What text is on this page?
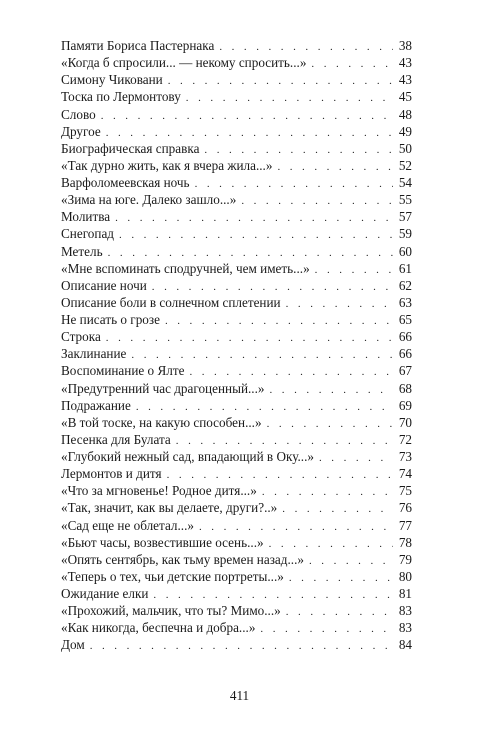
Памяти Бориса Пастернака . . .	38
«Когда б спросили... — некому спросить...» . . .	43
Симону Чиковани . . .	43
Тоска по Лермонтову . . .	45
Слово . . .	48
Другое . . .	49
Биографическая справка . . .	50
«Так дурно жить, как я вчера жила...» . . .	52
Варфоломеевская ночь . . .	54
«Зима на юге. Далеко зашло...» . . .	55
Молитва . . .	57
Снегопад . . .	59
Метель . . .	60
«Мне вспоминать сподручней, чем иметь...» . . .	61
Описание ночи . . .	62
Описание боли в солнечном сплетении . . .	63
Не писать о грозе . . .	65
Строка . . .	66
Заклинание . . .	66
Воспоминание о Ялте . . .	67
«Предутренний час драгоценный...» . . .	68
Подражание . . .	69
«В той тоске, на какую способен...» . . .	70
Песенка для Булата . . .	72
«Глубокий нежный сад, впадающий в Оку...» . . .	73
Лермонтов и дитя . . .	74
«Что за мгновенье! Родное дитя...» . . .	75
«Так, значит, как вы делаете, други?..» . . .	76
«Сад еще не облетал...» . . .	77
«Бьют часы, возвестившие осень...» . . .	78
«Опять сентябрь, как тьму времен назад...» . . .	79
«Теперь о тех, чьи детские портреты...» . . .	80
Ожидание елки . . .	81
«Прохожий, мальчик, что ты? Мимо...» . . .	83
«Как никогда, беспечна и добра...» . . .	83
Дом . . .	84
411
